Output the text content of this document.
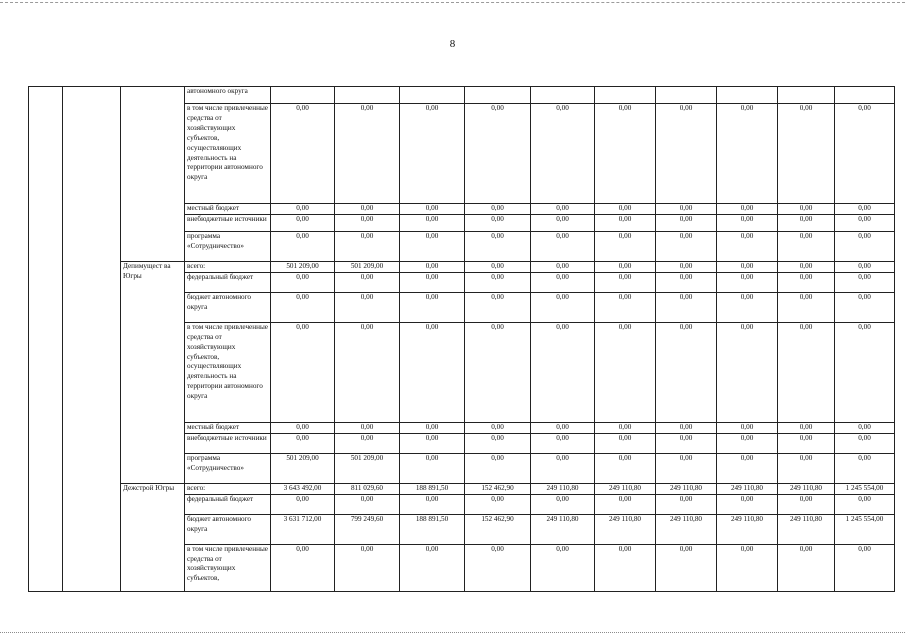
8
			автономного округа										
			в том числе привлеченные средства от хозяйствующих субъектов, осуществляющих деятельность на территории автономного округа	0,00	0,00	0,00	0,00	0,00	0,00	0,00	0,00	0,00	0,00
			местный бюджет	0,00	0,00	0,00	0,00	0,00	0,00	0,00	0,00	0,00	0,00
			внебюджетные источники	0,00	0,00	0,00	0,00	0,00	0,00	0,00	0,00	0,00	0,00
			программа «Сотрудничество»	0,00	0,00	0,00	0,00	0,00	0,00	0,00	0,00	0,00	0,00
		Депимущест ва Югры	всего:	501 209,00	501 209,00	0,00	0,00	0,00	0,00	0,00	0,00	0,00	0,00
			федеральный бюджет	0,00	0,00	0,00	0,00	0,00	0,00	0,00	0,00	0,00	0,00
			бюджет автономного округа	0,00	0,00	0,00	0,00	0,00	0,00	0,00	0,00	0,00	0,00
			в том числе привлеченные средства от хозяйствующих субъектов, осуществляющих деятельность на территории автономного округа	0,00	0,00	0,00	0,00	0,00	0,00	0,00	0,00	0,00	0,00
			местный бюджет	0,00	0,00	0,00	0,00	0,00	0,00	0,00	0,00	0,00	0,00
			внебюджетные источники	0,00	0,00	0,00	0,00	0,00	0,00	0,00	0,00	0,00	0,00
			программа «Сотрудничество»	501 209,00	501 209,00	0,00	0,00	0,00	0,00	0,00	0,00	0,00	0,00
		Дежстрой Югры	всего:	3 643 492,00	811 029,60	188 891,50	152 462,90	249 110,80	249 110,80	249 110,80	249 110,80	249 110,80	1 245 554,00
			федеральный бюджет	0,00	0,00	0,00	0,00	0,00	0,00	0,00	0,00	0,00	0,00
			бюджет автономного округа	3 631 712,00	799 249,60	188 891,50	152 462,90	249 110,80	249 110,80	249 110,80	249 110,80	249 110,80	1 245 554,00
			в том числе привлеченные средства от хозяйствующих субъектов,	0,00	0,00	0,00	0,00	0,00	0,00	0,00	0,00	0,00	0,00
